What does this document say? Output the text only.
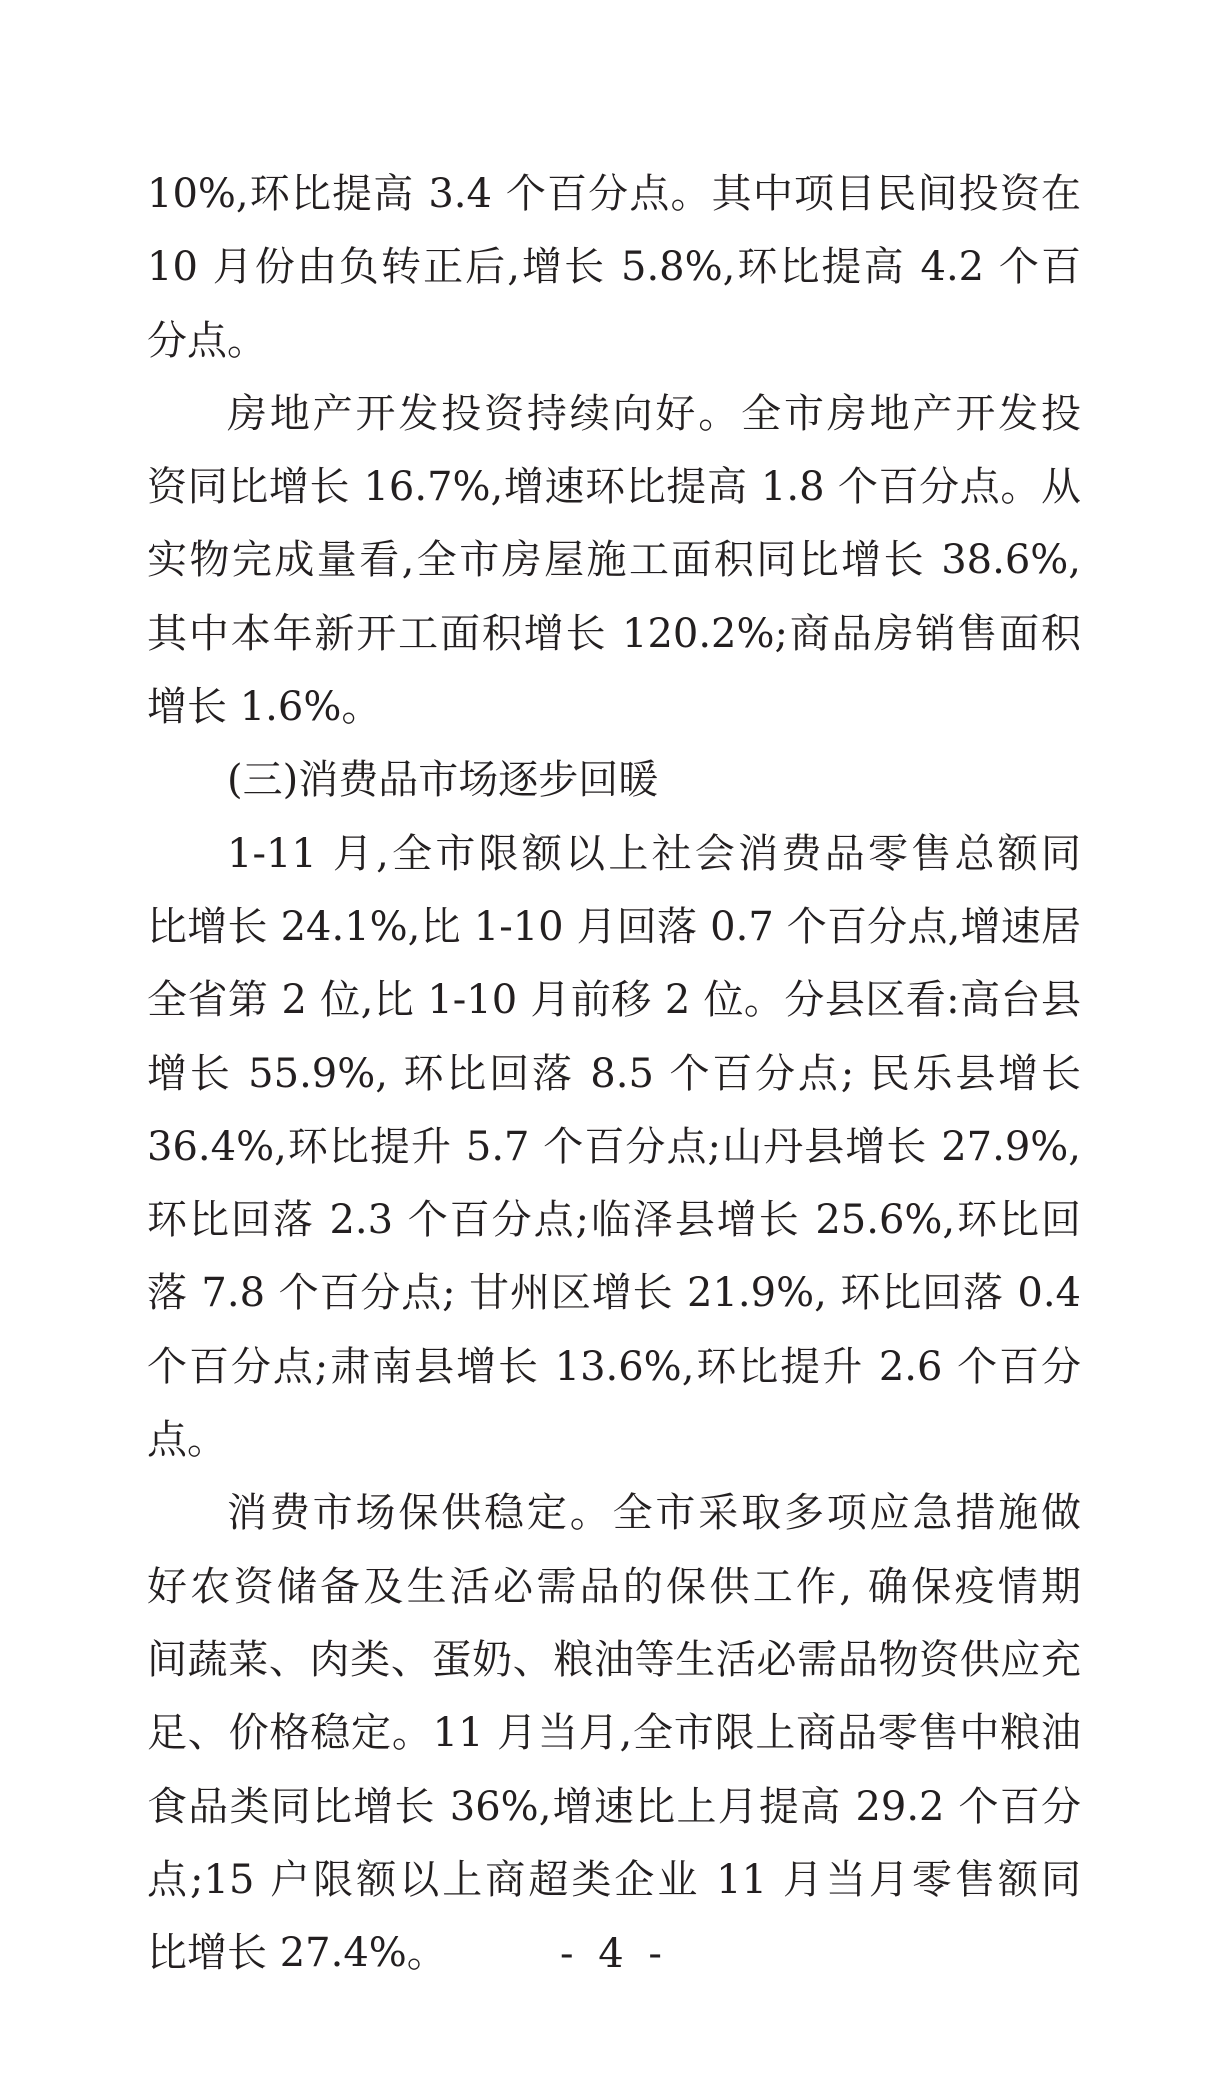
10%,环比提高 3.4 个百分点。其中项目民间投资在
10 月份由负转正后,增长 5.8%,环比提高 4.2 个百
分点。
房地产开发投资持续向好。全市房地产开发投
资同比增长 16.7%,增速环比提高 1.8 个百分点。从
实物完成量看,全市房屋施工面积同比增长 38.6%,
其中本年新开工面积增长 120.2%;商品房销售面积
增长 1.6%。
(三)消费品市场逐步回暖
1-11 月,全市限额以上社会消费品零售总额同
比增长 24.1%,比 1-10 月回落 0.7 个百分点,增速居
全省第 2 位,比 1-10 月前移 2 位。分县区看:高台县
增长 55.9%, 环比回落 8.5 个百分点; 民乐县增长
36.4%,环比提升 5.7 个百分点;山丹县增长 27.9%,
环比回落 2.3 个百分点;临泽县增长 25.6%,环比回
落 7.8 个百分点; 甘州区增长 21.9%, 环比回落 0.4
个百分点;肃南县增长 13.6%,环比提升 2.6 个百分
点。
消费市场保供稳定。全市采取多项应急措施做
好农资储备及生活必需品的保供工作, 确保疫情期
间蔬菜、肉类、蛋奶、粮油等生活必需品物资供应充
足、价格稳定。11 月当月,全市限上商品零售中粮油
食品类同比增长 36%,增速比上月提高 29.2 个百分
点;15 户限额以上商超类企业 11 月当月零售额同
比增长 27.4%。	- 4 -
